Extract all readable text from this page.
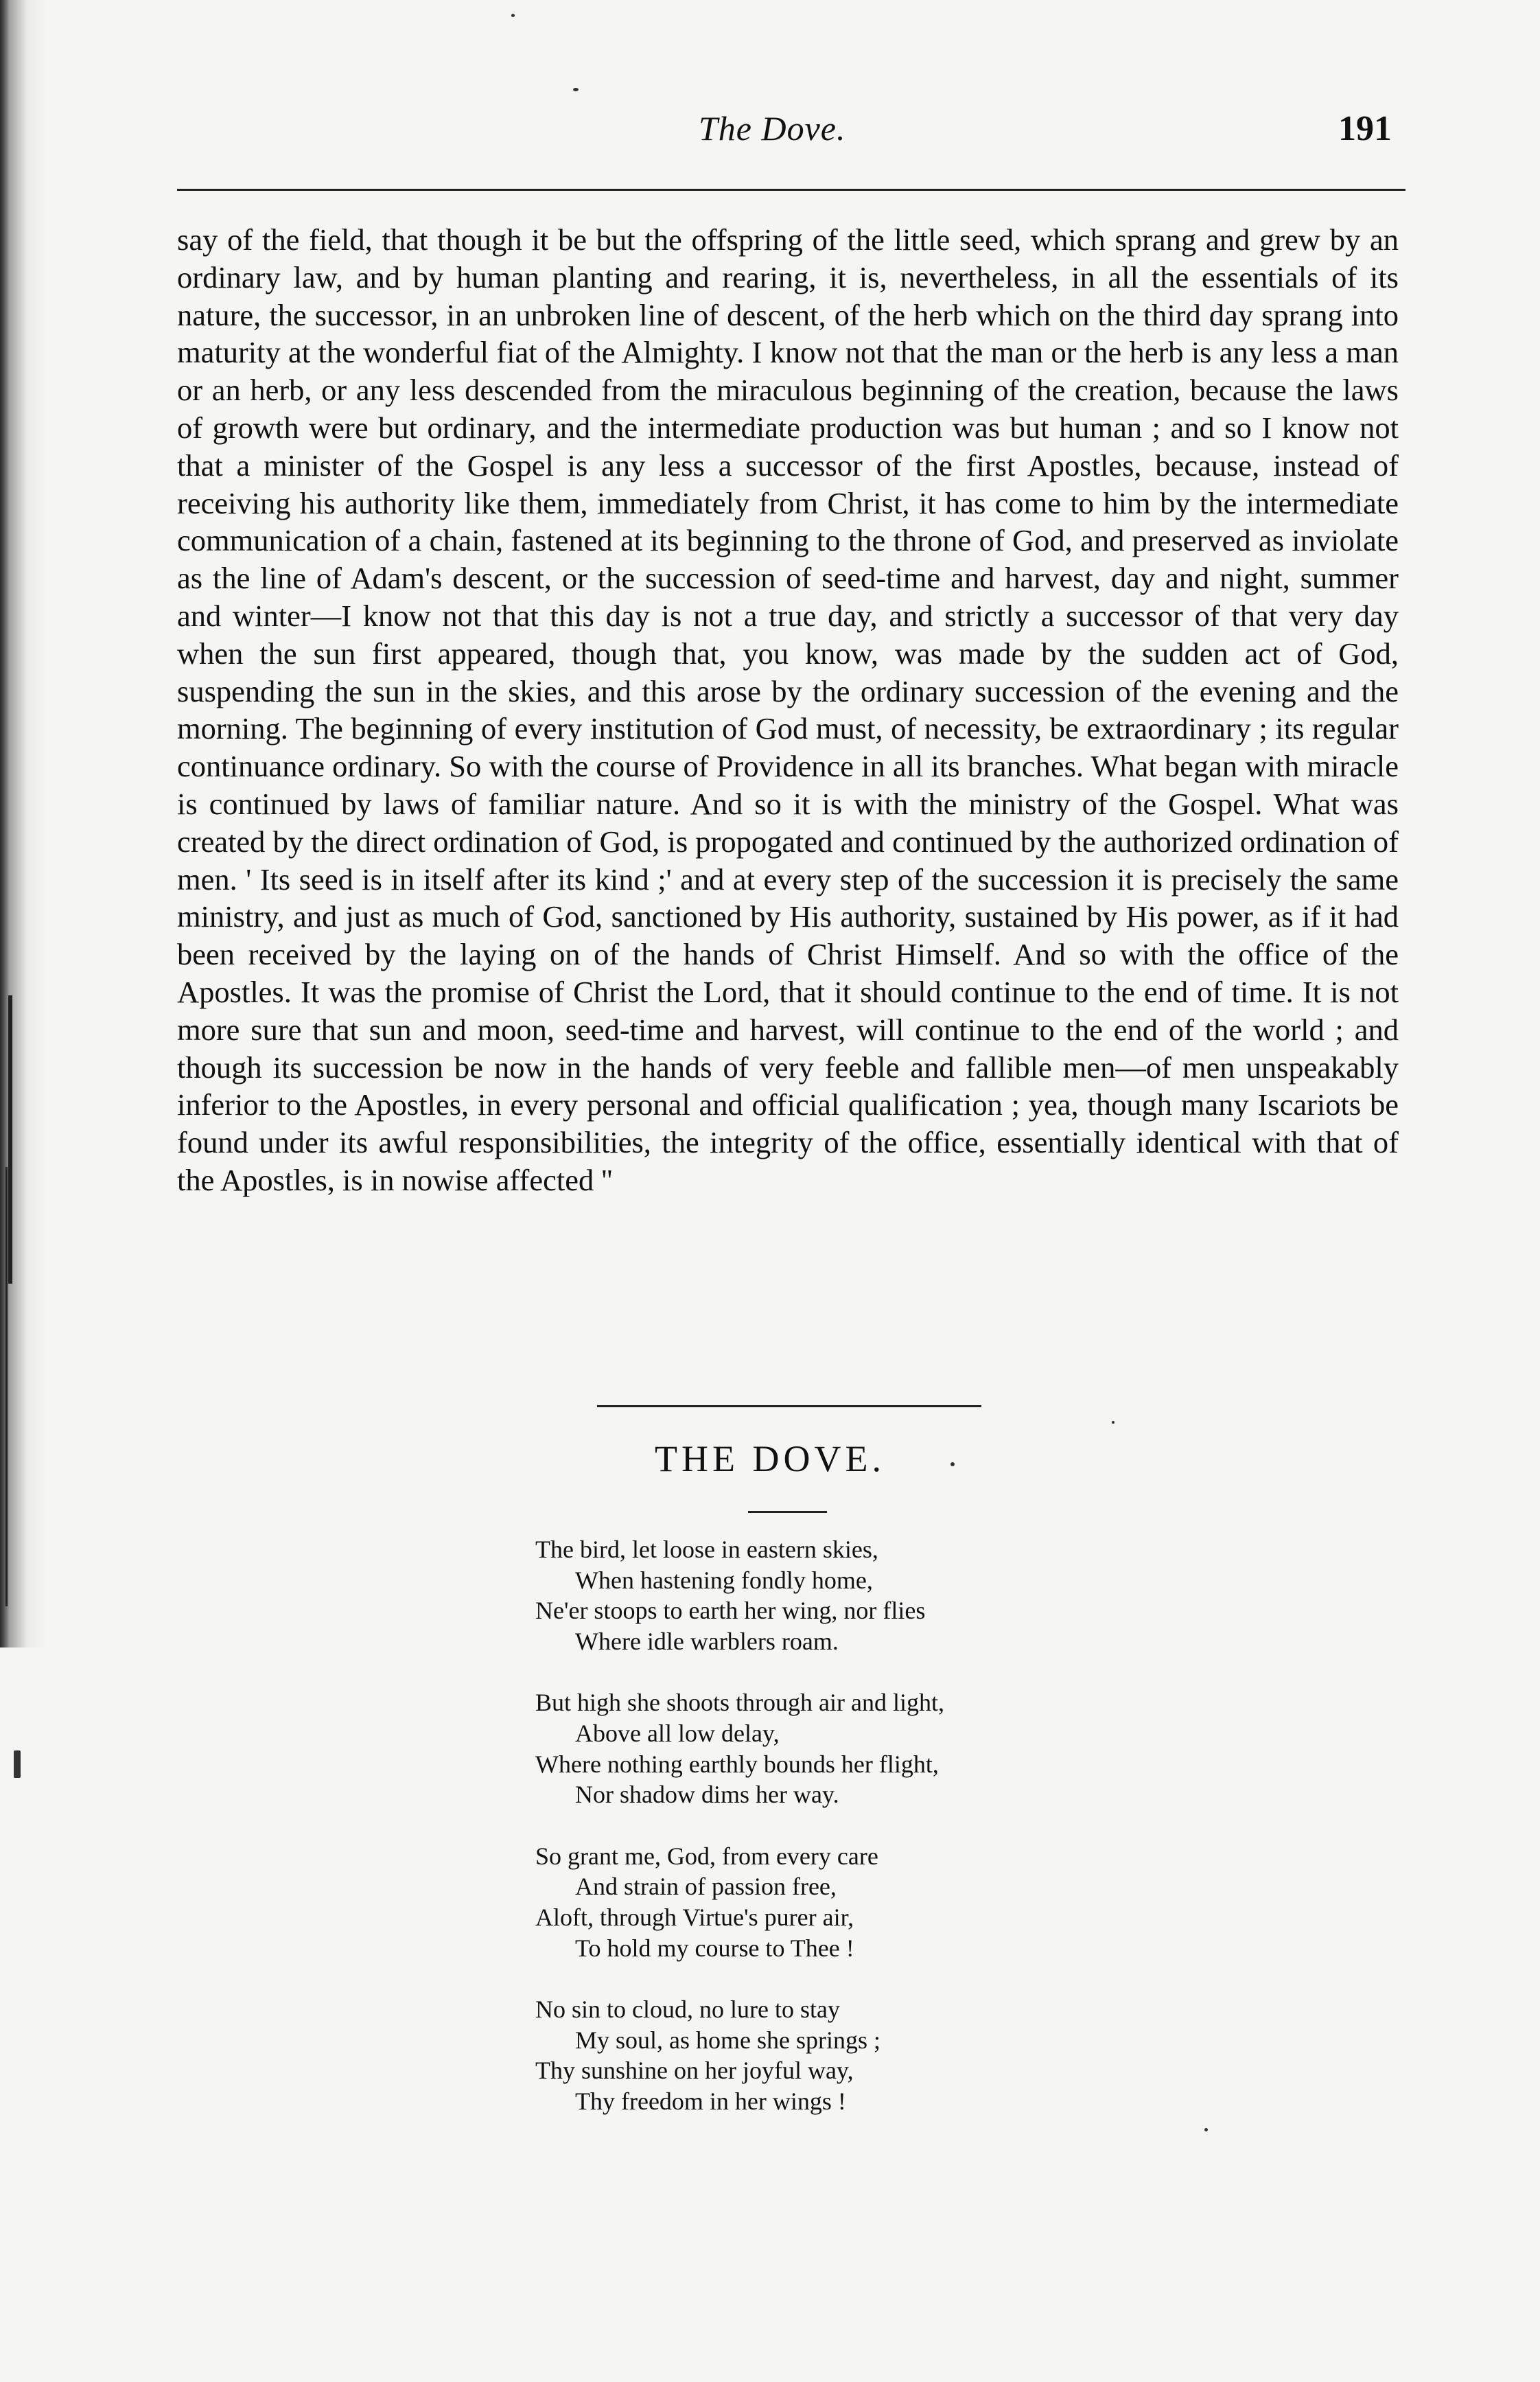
The Dove.	191

say of the field, that though it be but the offspring of the little seed, which sprang and grew by an ordinary law, and by human planting and rearing, it is, nevertheless, in all the essentials of its nature, the successor, in an unbroken line of descent, of the herb which on the third day sprang into maturity at the wonderful fiat of the Almighty. I know not that the man or the herb is any less a man or an herb, or any less descended from the miraculous beginning of the creation, because the laws of growth were but ordinary, and the intermediate production was but human ; and so I know not that a minister of the Gospel is any less a successor of the first Apostles, because, instead of receiving his authority like them, immediately from Christ, it has come to him by the intermediate communication of a chain, fastened at its beginning to the throne of God, and preserved as inviolate as the line of Adam's descent, or the succession of seed-time and harvest, day and night, summer and winter—I know not that this day is not a true day, and strictly a successor of that very day when the sun first appeared, though that, you know, was made by the sudden act of God, suspending the sun in the skies, and this arose by the ordinary succession of the evening and the morning. The beginning of every institution of God must, of necessity, be extraordinary ; its regular continuance ordinary. So with the course of Providence in all its branches. What began with miracle is continued by laws of familiar nature. And so it is with the ministry of the Gospel. What was created by the direct ordination of God, is propogated and continued by the authorized ordination of men. ' Its seed is in itself after its kind ;' and at every step of the succession it is precisely the same ministry, and just as much of God, sanctioned by His authority, sustained by His power, as if it had been received by the laying on of the hands of Christ Himself. And so with the office of the Apostles. It was the promise of Christ the Lord, that it should continue to the end of time. It is not more sure that sun and moon, seed-time and harvest, will continue to the end of the world ; and though its succession be now in the hands of very feeble and fallible men—of men unspeakably inferior to the Apostles, in every personal and official qualification ; yea, though many Iscariots be found under its awful responsibilities, the integrity of the office, essentially identical with that of the Apostles, is in nowise affected ''

THE DOVE.
The bird, let loose in eastern skies,
When hastening fondly home,
Ne'er stoops to earth her wing, nor flies
Where idle warblers roam.
But high she shoots through air and light,
Above all low delay,
Where nothing earthly bounds her flight,
Nor shadow dims her way.
So grant me, God, from every care
And strain of passion free,
Aloft, through Virtue's purer air,
To hold my course to Thee !
No sin to cloud, no lure to stay
My soul, as home she springs ;
Thy sunshine on her joyful way,
Thy freedom in her wings !
